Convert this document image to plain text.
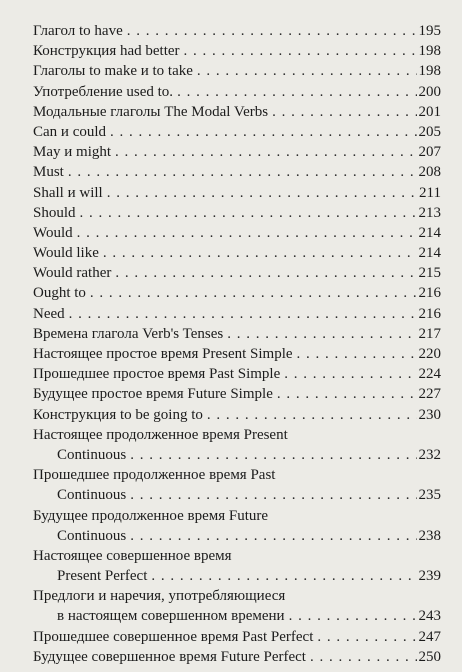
Глагол to have . . .	195
Конструкция had better . . .	198
Глаголы to make и to take . . .	198
Употребление used to. . . .	200
Модальные глаголы The Modal Verbs . . .	201
Can и could . . .	205
May и might . . .	207
Must . . .	208
Shall и will . . .	211
Should . . .	213
Would . . .	214
Would like . . .	214
Would rather . . .	215
Ought to . . .	216
Need . . .	216
Времена глагола Verb's Tenses . . .	217
Настоящее простое время Present Simple . . .	220
Прошедшее простое время Past Simple . . .	224
Будущее простое время Future Simple . . .	227
Конструкция to be going to . . .	230
Настоящее продолженное время Present
Continuous . . .	232
Прошедшее продолженное время Past
Continuous . . .	235
Будущее продолженное время Future
Continuous . . .	238
Настоящее совершенное время
Present Perfect . . .	239
Предлоги и наречия, употребляющиеся
в настоящем совершенном времени . . .	243
Прошедшее совершенное время Past Perfect . . .	247
Будущее совершенное время Future Perfect . . .	250
